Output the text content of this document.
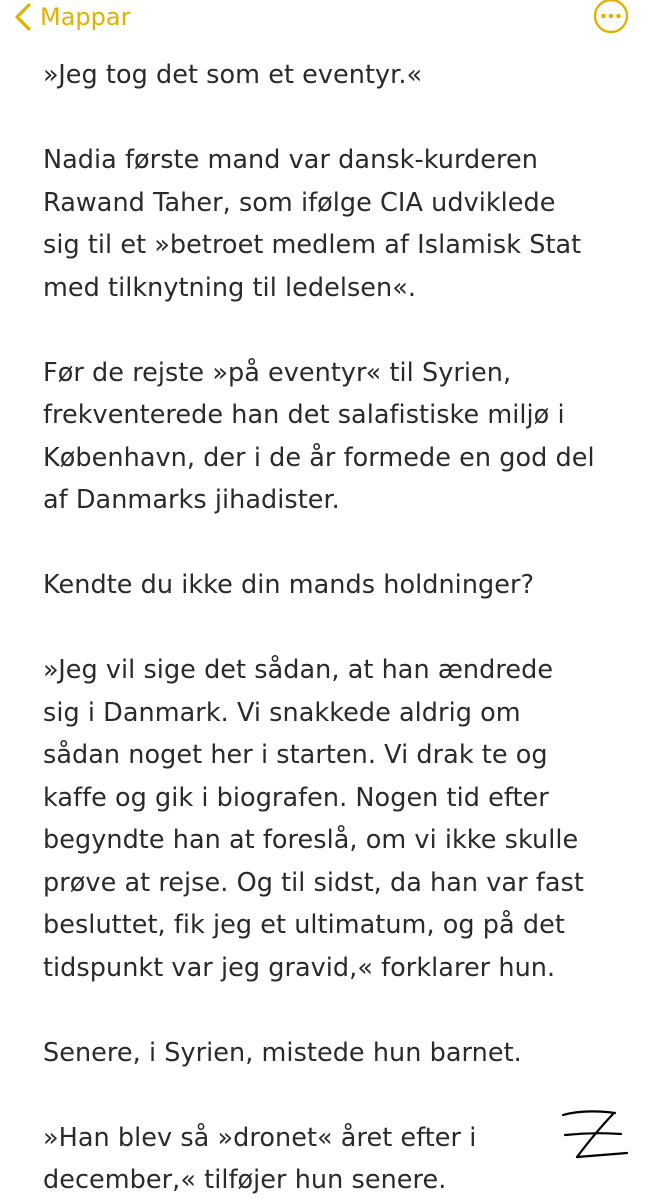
Mappar
»Jeg tog det som et eventyr.«
Nadia første mand var dansk-kurderen
Rawand Taher, som ifølge CIA udviklede
sig til et »betroet medlem af Islamisk Stat
med tilknytning til ledelsen«.
Før de rejste »på eventyr« til Syrien,
frekventerede han det salafistiske miljø i
København, der i de år formede en god del
af Danmarks jihadister.
Kendte du ikke din mands holdninger?
»Jeg vil sige det sådan, at han ændrede
sig i Danmark. Vi snakkede aldrig om
sådan noget her i starten. Vi drak te og
kaffe og gik i biografen. Nogen tid efter
begyndte han at foreslå, om vi ikke skulle
prøve at rejse. Og til sidst, da han var fast
besluttet, fik jeg et ultimatum, og på det
tidspunkt var jeg gravid,« forklarer hun.
Senere, i Syrien, mistede hun barnet.
»Han blev så »dronet« året efter i
december,« tilføjer hun senere.
